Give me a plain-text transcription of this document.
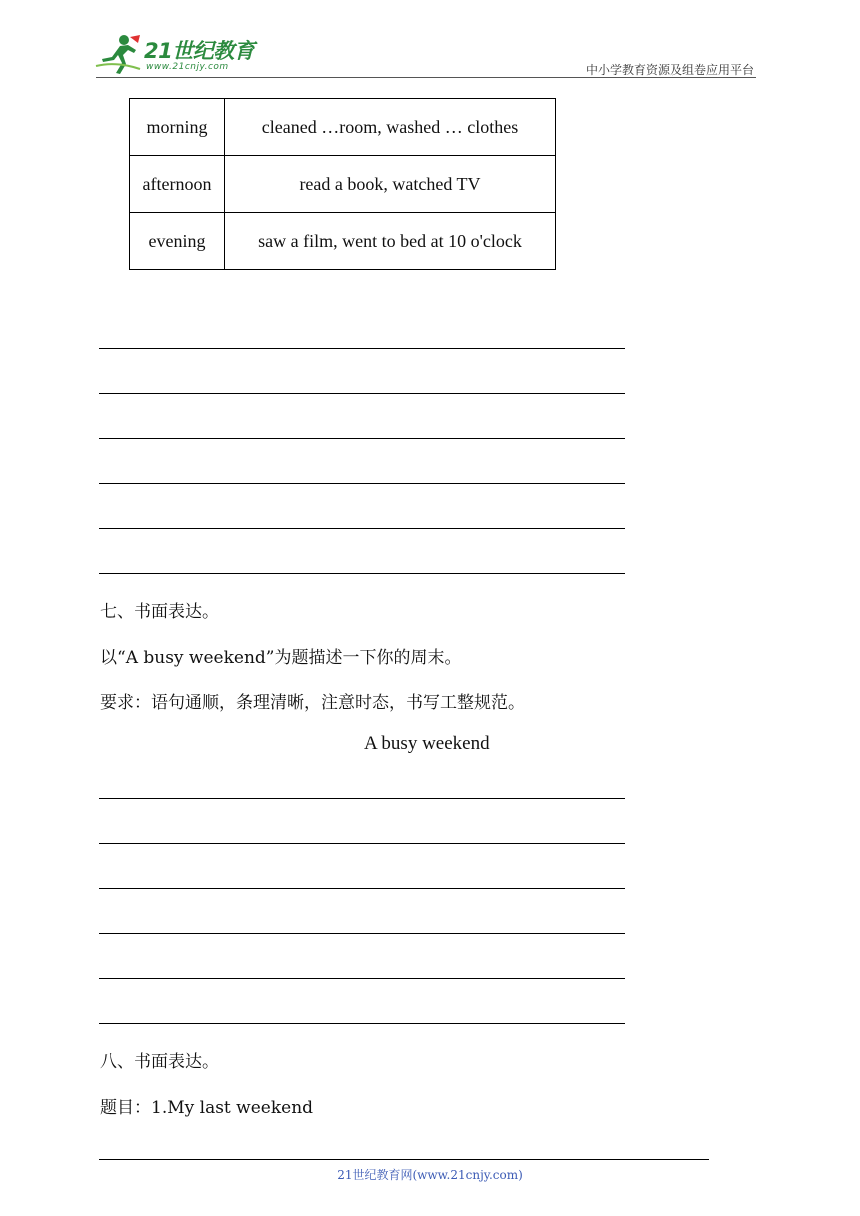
21世纪教育
www.21cnjy.com	中小学教育资源及组卷应用平台
morning	cleaned …room, washed … clothes
afternoon	read a book, watched TV
evening	saw a film, went to bed at 10 o'clock
七、书面表达。
以“A busy weekend”为题描述一下你的周末。
要求：语句通顺，条理清晰，注意时态，书写工整规范。
A busy weekend
八、书面表达。
题目：1.My last weekend
21世纪教育网(www.21cnjy.com)
